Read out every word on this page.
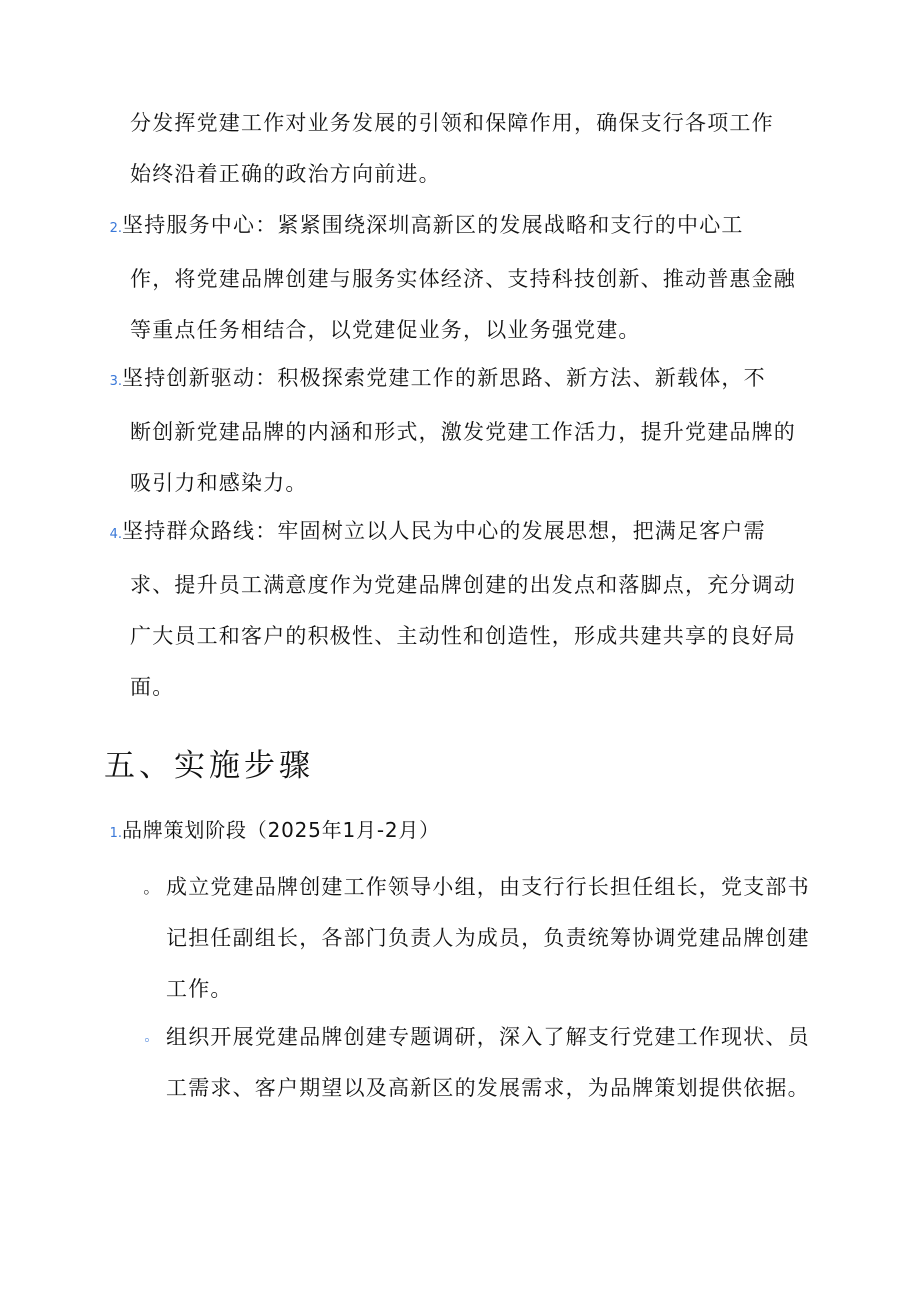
分发挥党建工作对业务发展的引领和保障作用，确保支行各项工作
始终沿着正确的政治方向前进。

2.坚持服务中心：紧紧围绕深圳高新区的发展战略和支行的中心工

作，将党建品牌创建与服务实体经济、支持科技创新、推动普惠金融等重点任务相结合，以党建促业务，以业务强党建。

3.坚持创新驱动：积极探索党建工作的新思路、新方法、新载体，不

断创新党建品牌的内涵和形式，激发党建工作活力，提升党建品牌的吸引力和感染力。

4.坚持群众路线：牢固树立以人民为中心的发展思想，把满足客户需

求、提升员工满意度作为党建品牌创建的出发点和落脚点，充分调动广大员工和客户的积极性、主动性和创造性，形成共建共享的良好局面。

五、实施步骤

1.品牌策划阶段（2025年1月-2月）

。 成立党建品牌创建工作领导小组，由支行行长担任组长，党支部书记担任副组长，各部门负责人为成员，负责统筹协调党建品牌创建工作。
。 组织开展党建品牌创建专题调研，深入了解支行党建工作现状、员工需求、客户期望以及高新区的发展需求，为品牌策划提供依据。
